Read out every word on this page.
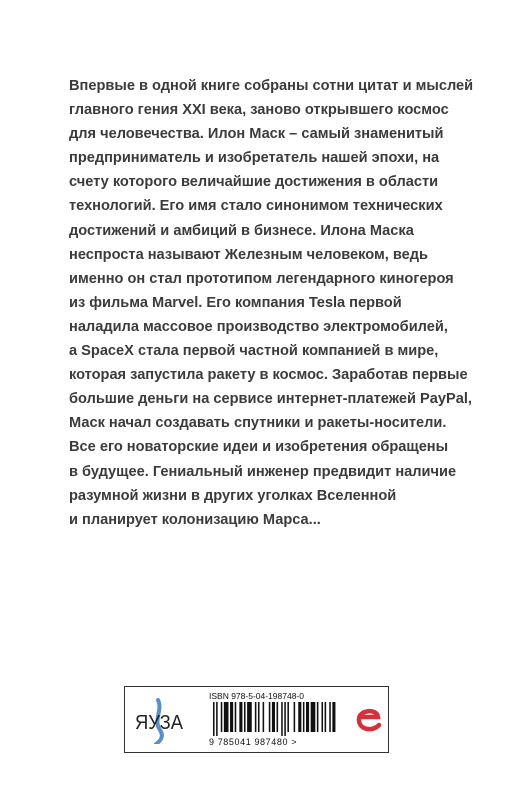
Впервые в одной книге собраны сотни цитат и мыслей
главного гения XXI века, заново открывшего космос
для человечества. Илон Маск – самый знаменитый
предприниматель и изобретатель нашей эпохи, на
счету которого величайшие достижения в области
технологий. Его имя стало синонимом технических
достижений и амбиций в бизнесе. Илона Маска
неспроста называют Железным человеком, ведь
именно он стал прототипом легендарного киногероя
из фильма Marvel. Его компания Tesla первой
наладила массовое производство электромобилей,
а SpaceX стала первой частной компанией в мире,
которая запустила ракету в космос. Заработав первые
большие деньги на сервисе интернет-платежей PayPal,
Маск начал создавать спутники и ракеты-носители.
Все его новаторские идеи и изобретения обращены
в будущее. Гениальный инженер предвидит наличие
разумной жизни в других уголках Вселенной
и планирует колонизацию Марса...
ЯУЗА
ISBN 978-5-04-198748-0
9 785041 987480 >
